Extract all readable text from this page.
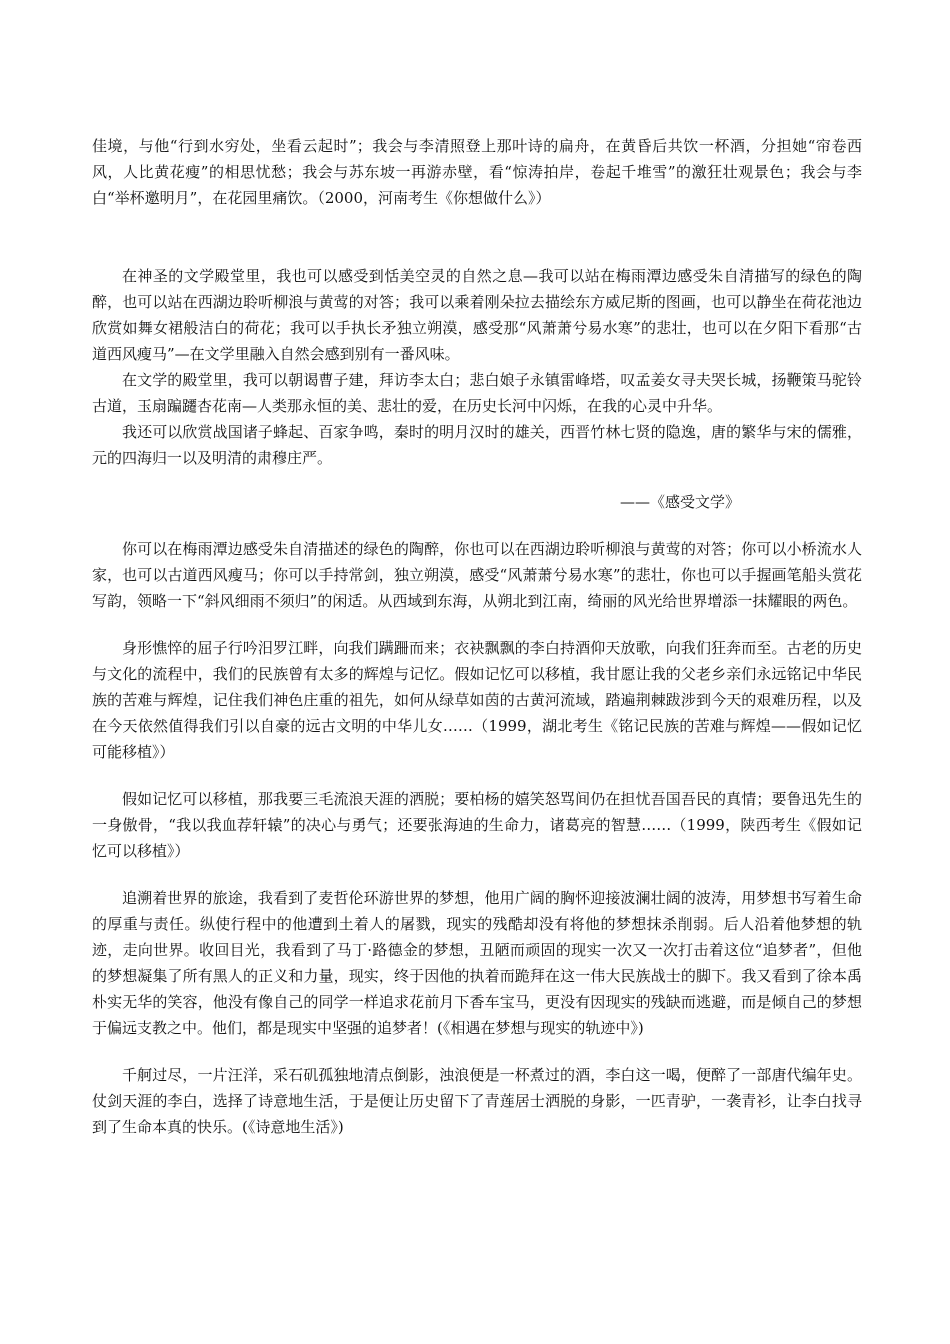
佳境，与他“行到水穷处，坐看云起时”；我会与李清照登上那叶诗的扁舟，在黄昏后共饮一杯酒，分担她“帘卷西风，人比黄花瘦”的相思忧愁；我会与苏东坡一再游赤壁，看“惊涛拍岸，卷起千堆雪”的激狂壮观景色；我会与李白“举杯邀明月”，在花园里痛饮。（2000，河南考生《你想做什么》）

在神圣的文学殿堂里，我也可以感受到恬美空灵的自然之息—我可以站在梅雨潭边感受朱自清描写的绿色的陶醉，也可以站在西湖边聆听柳浪与黄莺的对答；我可以乘着刚朵拉去描绘东方威尼斯的图画，也可以静坐在荷花池边欣赏如舞女裙般洁白的荷花；我可以手执长矛独立朔漠，感受那“风萧萧兮易水寒”的悲壮，也可以在夕阳下看那“古道西风瘦马”—在文学里融入自然会感到别有一番风味。

在文学的殿堂里，我可以朝谒曹子建，拜访李太白；悲白娘子永镇雷峰塔，叹孟姜女寻夫哭长城，扬鞭策马驼铃古道，玉扇蹁躚杏花南—人类那永恒的美、悲壮的爱，在历史长河中闪烁，在我的心灵中升华。

我还可以欣赏战国诸子蜂起、百家争鸣，秦时的明月汉时的雄关，西晋竹林七贤的隐逸，唐的繁华与宋的儒雅，元的四海归一以及明清的肃穆庄严。

——《感受文学》

你可以在梅雨潭边感受朱自清描述的绿色的陶醉，你也可以在西湖边聆听柳浪与黄莺的对答；你可以小桥流水人家，也可以古道西风瘦马；你可以手持常剑，独立朔漠，感受“风萧萧兮易水寒”的悲壮，你也可以手握画笔船头赏花写韵，领略一下“斜风细雨不须归”的闲适。从西域到东海，从朔北到江南，绮丽的风光给世界增添一抹耀眼的两色。

身形憔悴的屈子行吟汨罗江畔，向我们蹒跚而来；衣袂飘飘的李白持酒仰天放歌，向我们狂奔而至。古老的历史与文化的流程中，我们的民族曾有太多的辉煌与记忆。假如记忆可以移植，我甘愿让我的父老乡亲们永远铭记中华民族的苦难与辉煌，记住我们神色庄重的祖先，如何从绿草如茵的古黄河流域，踏遍荆棘跋涉到今天的艰难历程，以及在今天依然值得我们引以自豪的远古文明的中华儿女……（1999，湖北考生《铭记民族的苦难与辉煌——假如记忆可能移植》）

假如记忆可以移植，那我要三毛流浪天涯的洒脱；要柏杨的嬉笑怒骂间仍在担忧吾国吾民的真情；要鲁迅先生的一身傲骨，“我以我血荐轩辕”的决心与勇气；还要张海迪的生命力，诸葛亮的智慧……（1999，陕西考生《假如记忆可以移植》）

追溯着世界的旅途，我看到了麦哲伦环游世界的梦想，他用广阔的胸怀迎接波澜壮阔的波涛，用梦想书写着生命的厚重与责任。纵使行程中的他遭到土着人的屠戮，现实的残酷却没有将他的梦想抹杀削弱。后人沿着他梦想的轨迹，走向世界。收回目光，我看到了马丁·路德金的梦想，丑陋而顽固的现实一次又一次打击着这位“追梦者”，但他的梦想凝集了所有黑人的正义和力量，现实，终于因他的执着而跪拜在这一伟大民族战士的脚下。我又看到了徐本禹朴实无华的笑容，他没有像自己的同学一样追求花前月下香车宝马，更没有因现实的残缺而逃避，而是倾自己的梦想于偏远支教之中。他们，都是现实中坚强的追梦者！(《相遇在梦想与现实的轨迹中》)

千舸过尽，一片汪洋，采石矶孤独地清点倒影，浊浪便是一杯煮过的酒，李白这一喝，便醉了一部唐代编年史。仗剑天涯的李白，选择了诗意地生活，于是便让历史留下了青莲居士洒脱的身影，一匹青驴，一袭青衫，让李白找寻到了生命本真的快乐。(《诗意地生活》)
